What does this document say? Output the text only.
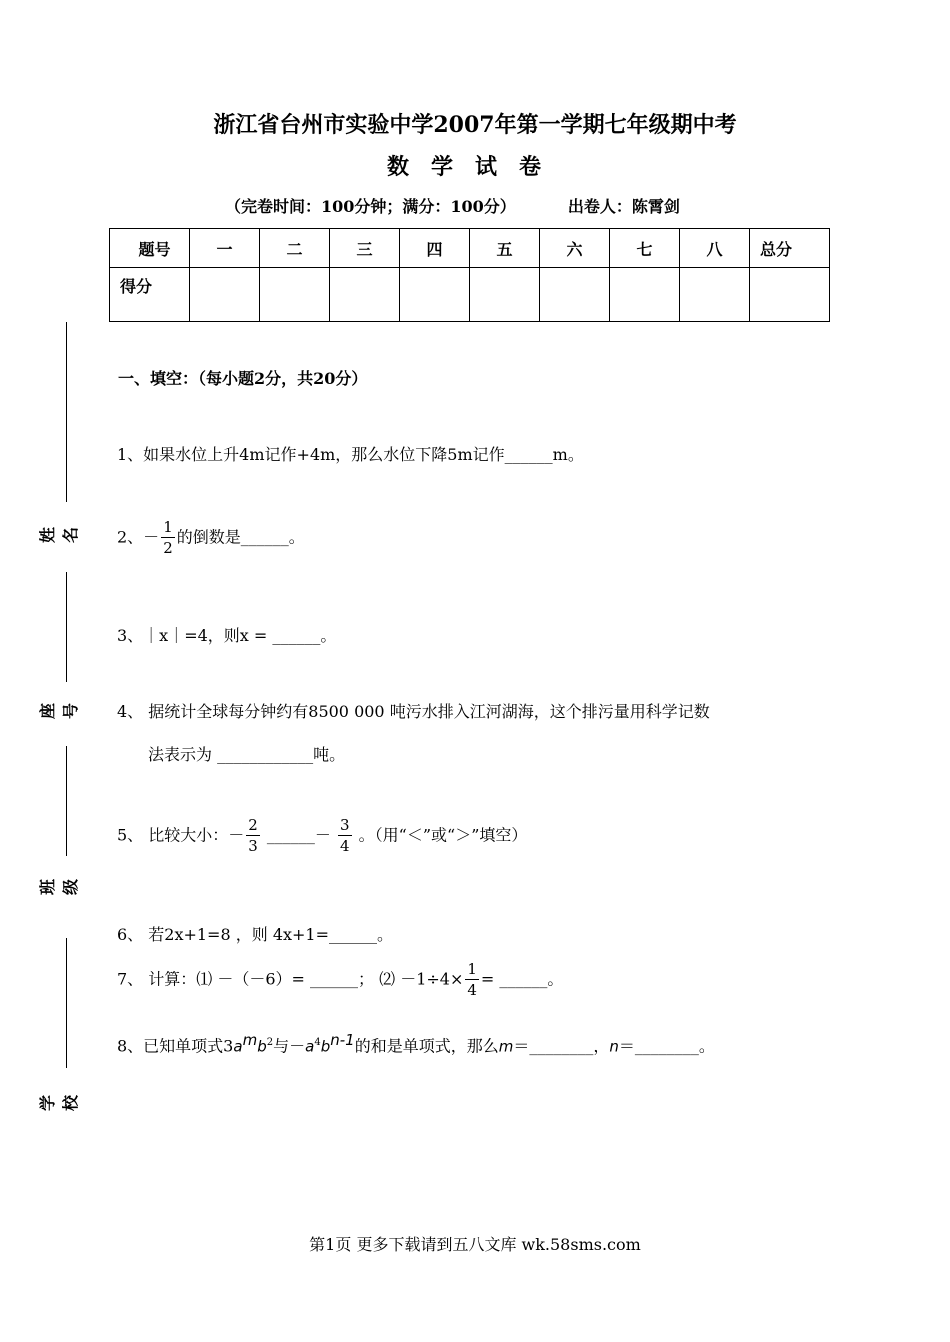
浙江省台州市实验中学2007年第一学期七年级期中考
数学试卷
（完卷时间：100分钟；满分：100分）	出卷人：陈霄剑
题号	一	二	三	四	五	六	七	八	总分
得分									
一、填空：（每小题2分，共20分）
1、如果水位上升4m记作+4m，那么水位下降5m记作______m。
2、－ $\frac{1}{2}$ 的倒数是______。
3、｜x｜=4，则x = ______。
4、 据统计全球每分钟约有8500 000 吨污水排入江河湖海，这个排污量用科学记数
法表示为 ____________吨。
5、 比较大小：－ $\frac{2}{3}$ ______－ $\frac{3}{4}$ 。（用“＜”或“＞”填空）
6、 若2x+1=8 ，则 4x+1=______。
7、 计算：⑴ －（－6）= ______； ⑵ $-1\div 4\times \frac{1}{4}$ = ______。
8、已知单项式$3a^mb^2$与$-a^4b^{n-1}$的和是单项式，那么m＝________，n＝________。
姓名
座号
班级
学校
第1页 更多下载请到五八文库 wk.58sms.com
